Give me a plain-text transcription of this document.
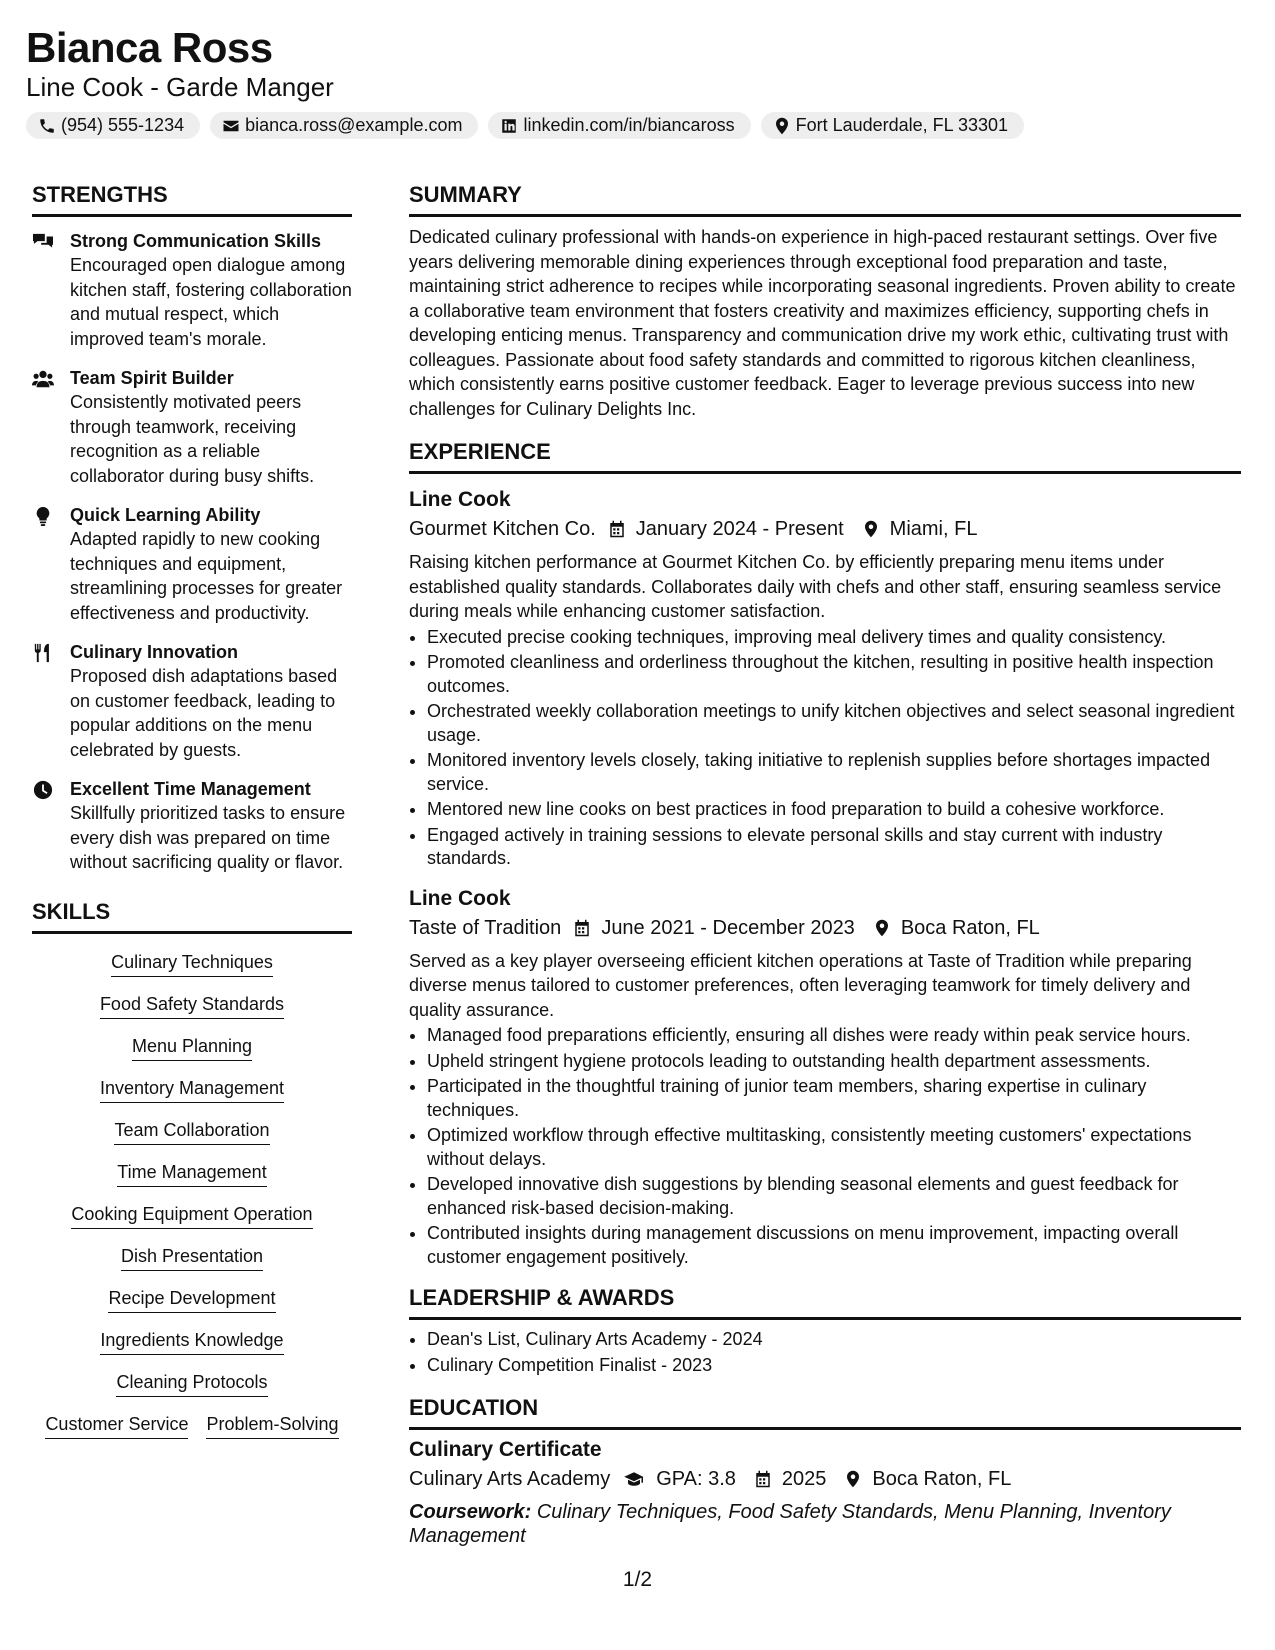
Bianca Ross
Line Cook - Garde Manger
(954) 555-1234	bianca.ross@example.com	linkedin.com/in/biancaross	Fort Lauderdale, FL 33301
STRENGTHS
Strong Communication Skills
Encouraged open dialogue among kitchen staff, fostering collaboration and mutual respect, which improved team's morale.
Team Spirit Builder
Consistently motivated peers through teamwork, receiving recognition as a reliable collaborator during busy shifts.
Quick Learning Ability
Adapted rapidly to new cooking techniques and equipment, streamlining processes for greater effectiveness and productivity.
Culinary Innovation
Proposed dish adaptations based on customer feedback, leading to popular additions on the menu celebrated by guests.
Excellent Time Management
Skillfully prioritized tasks to ensure every dish was prepared on time without sacrificing quality or flavor.
SKILLS
Culinary Techniques
Food Safety Standards
Menu Planning
Inventory Management
Team Collaboration
Time Management
Cooking Equipment Operation
Dish Presentation
Recipe Development
Ingredients Knowledge
Cleaning Protocols
Customer Service Problem-Solving
SUMMARY
Dedicated culinary professional with hands-on experience in high-paced restaurant settings. Over five years delivering memorable dining experiences through exceptional food preparation and taste, maintaining strict adherence to recipes while incorporating seasonal ingredients. Proven ability to create a collaborative team environment that fosters creativity and maximizes efficiency, supporting chefs in developing enticing menus. Transparency and communication drive my work ethic, cultivating trust with colleagues. Passionate about food safety standards and committed to rigorous kitchen cleanliness, which consistently earns positive customer feedback. Eager to leverage previous success into new challenges for Culinary Delights Inc.
EXPERIENCE
Line Cook
Gourmet Kitchen Co. January 2024 - Present Miami, FL
Raising kitchen performance at Gourmet Kitchen Co. by efficiently preparing menu items under established quality standards. Collaborates daily with chefs and other staff, ensuring seamless service during meals while enhancing customer satisfaction.
• Executed precise cooking techniques, improving meal delivery times and quality consistency.
• Promoted cleanliness and orderliness throughout the kitchen, resulting in positive health inspection outcomes.
• Orchestrated weekly collaboration meetings to unify kitchen objectives and select seasonal ingredient usage.
• Monitored inventory levels closely, taking initiative to replenish supplies before shortages impacted service.
• Mentored new line cooks on best practices in food preparation to build a cohesive workforce.
• Engaged actively in training sessions to elevate personal skills and stay current with industry standards.
Line Cook
Taste of Tradition June 2021 - December 2023 Boca Raton, FL
Served as a key player overseeing efficient kitchen operations at Taste of Tradition while preparing diverse menus tailored to customer preferences, often leveraging teamwork for timely delivery and quality assurance.
• Managed food preparations efficiently, ensuring all dishes were ready within peak service hours.
• Upheld stringent hygiene protocols leading to outstanding health department assessments.
• Participated in the thoughtful training of junior team members, sharing expertise in culinary techniques.
• Optimized workflow through effective multitasking, consistently meeting customers' expectations without delays.
• Developed innovative dish suggestions by blending seasonal elements and guest feedback for enhanced risk-based decision-making.
• Contributed insights during management discussions on menu improvement, impacting overall customer engagement positively.
LEADERSHIP & AWARDS
• Dean's List, Culinary Arts Academy - 2024
• Culinary Competition Finalist - 2023
EDUCATION
Culinary Certificate
Culinary Arts Academy GPA: 3.8 2025 Boca Raton, FL
Coursework: Culinary Techniques, Food Safety Standards, Menu Planning, Inventory Management
1/2
